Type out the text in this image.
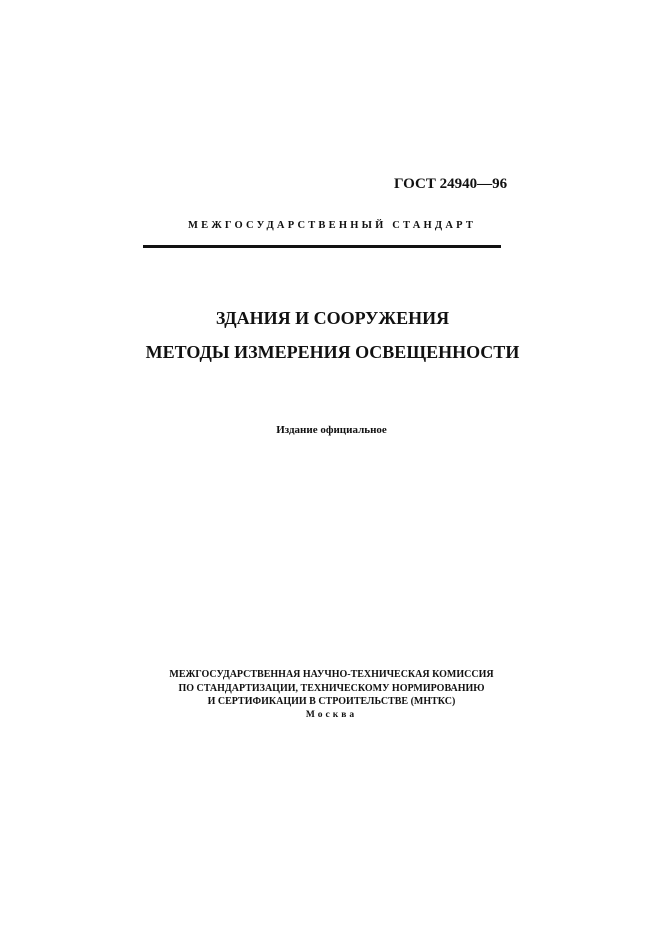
ГОСТ 24940—96
МЕЖГОСУДАРСТВЕННЫЙ СТАНДАРТ
ЗДАНИЯ И СООРУЖЕНИЯ
МЕТОДЫ ИЗМЕРЕНИЯ ОСВЕЩЕННОСТИ
Издание официальное
МЕЖГОСУДАРСТВЕННАЯ НАУЧНО-ТЕХНИЧЕСКАЯ КОМИССИЯ
ПО СТАНДАРТИЗАЦИИ, ТЕХНИЧЕСКОМУ НОРМИРОВАНИЮ
И СЕРТИФИКАЦИИ В СТРОИТЕЛЬСТВЕ (МНТКС)
Москва
